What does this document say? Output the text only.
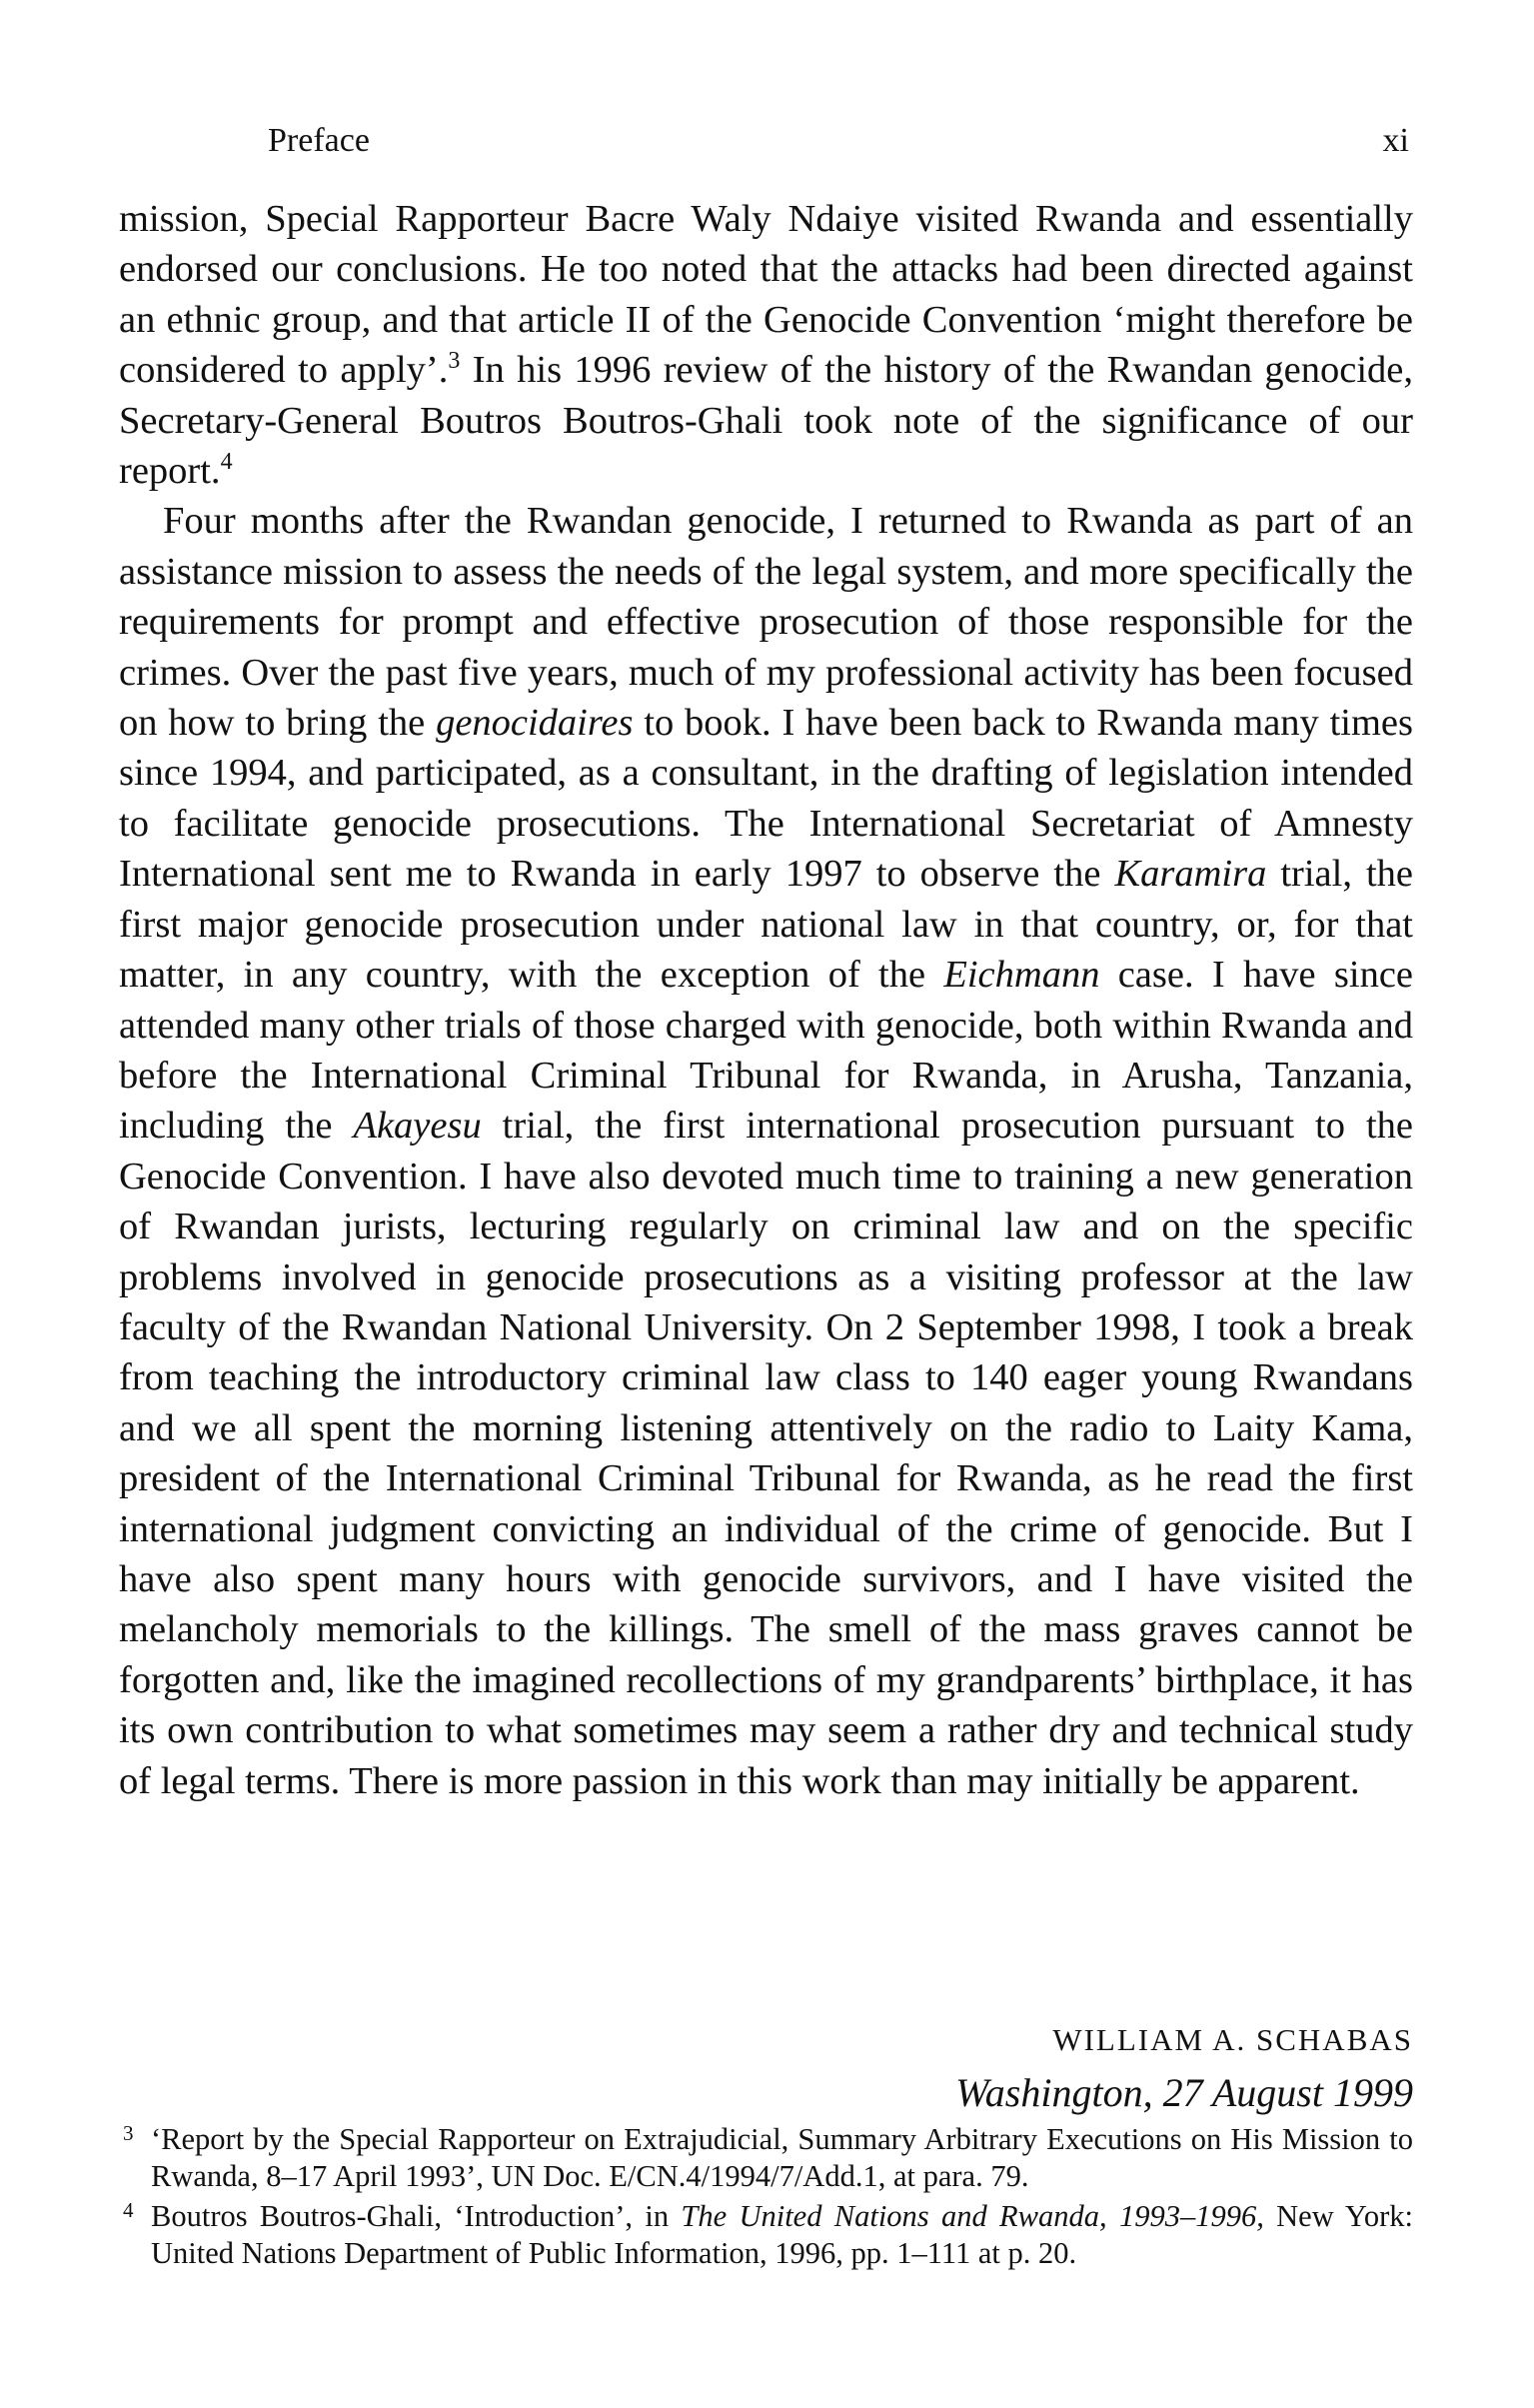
Preface	xi

mission, Special Rapporteur Bacre Waly Ndaiye visited Rwanda and essentially endorsed our conclusions. He too noted that the attacks had been directed against an ethnic group, and that article II of the Genocide Convention ‘might therefore be considered to apply’.$^3$ In his 1996 review of the history of the Rwandan genocide, Secretary-General Boutros Boutros-Ghali took note of the significance of our report.$^4$

Four months after the Rwandan genocide, I returned to Rwanda as part of an assistance mission to assess the needs of the legal system, and more specifically the requirements for prompt and effective prosecution of those responsible for the crimes. Over the past five years, much of my professional activity has been focused on how to bring the genocidaires to book. I have been back to Rwanda many times since 1994, and participated, as a consultant, in the drafting of legislation intended to facilitate genocide prosecutions. The International Secretariat of Amnesty International sent me to Rwanda in early 1997 to observe the Karamira trial, the first major genocide prosecution under national law in that country, or, for that matter, in any country, with the exception of the Eichmann case. I have since attended many other trials of those charged with genocide, both within Rwanda and before the International Criminal Tribunal for Rwanda, in Arusha, Tanzania, including the Akayesu trial, the first international prosecution pursuant to the Genocide Convention. I have also devoted much time to training a new generation of Rwandan jurists, lecturing regularly on criminal law and on the specific problems involved in genocide prosecutions as a visiting professor at the law faculty of the Rwandan National University. On 2 September 1998, I took a break from teaching the introductory criminal law class to 140 eager young Rwandans and we all spent the morning listening attentively on the radio to Laity Kama, president of the International Criminal Tribunal for Rwanda, as he read the first international judgment convicting an individual of the crime of genocide. But I have also spent many hours with genocide survivors, and I have visited the melancholy memorials to the killings. The smell of the mass graves cannot be forgotten and, like the imagined recollections of my grandparents’ birthplace, it has its own contribution to what sometimes may seem a rather dry and technical study of legal terms. There is more passion in this work than may initially be apparent.

WILLIAM A. SCHABAS
Washington, 27 August 1999
3 ‘Report by the Special Rapporteur on Extrajudicial, Summary Arbitrary Executions on His Mission to Rwanda, 8–17 April 1993’, UN Doc. E/CN.4/1994/7/Add.1, at para. 79.
4 Boutros Boutros-Ghali, ‘Introduction’, in The United Nations and Rwanda, 1993–1996, New York: United Nations Department of Public Information, 1996, pp. 1–111 at p. 20.
